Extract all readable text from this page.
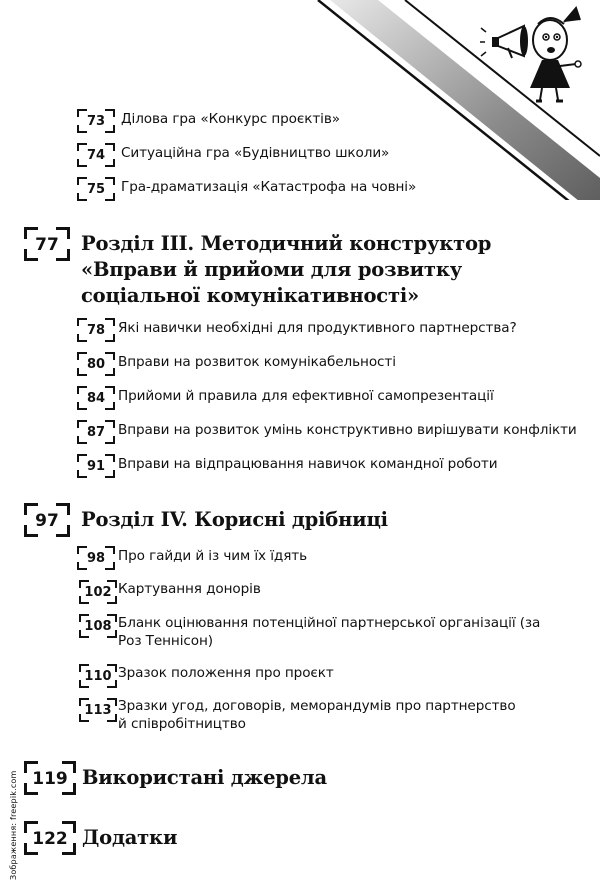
73	Ділова гра «Конкурс проєктів»
74	Ситуаційна гра «Будівництво школи»
75	Гра-драматизація «Катастрофа на човні»
77	Розділ ІІІ. Методичний конструктор
«Вправи й прийоми для розвитку
соціальної комунікативності»
78 Які навички необхідні для продуктивного партнерства?
80 Вправи на розвиток комунікабельності
84 Прийоми й правила для ефективної самопрезентації
87 Вправи на розвиток умінь конструктивно вирішувати конфлікти
91 Вправи на відпрацювання навичок командної роботи
97	Розділ ІV. Корисні дрібниці
98 Про гайди й із чим їх їдять
102 Картування донорів
108 Бланк оцінювання потенційної партнерської організації (за
Роз Теннісон)
110 Зразок положення про проєкт
113 Зразки угод, договорів, меморандумів про партнерство
й співробітництво
119 Використані джерела
122 Додатки
Зображення: freepik.com
